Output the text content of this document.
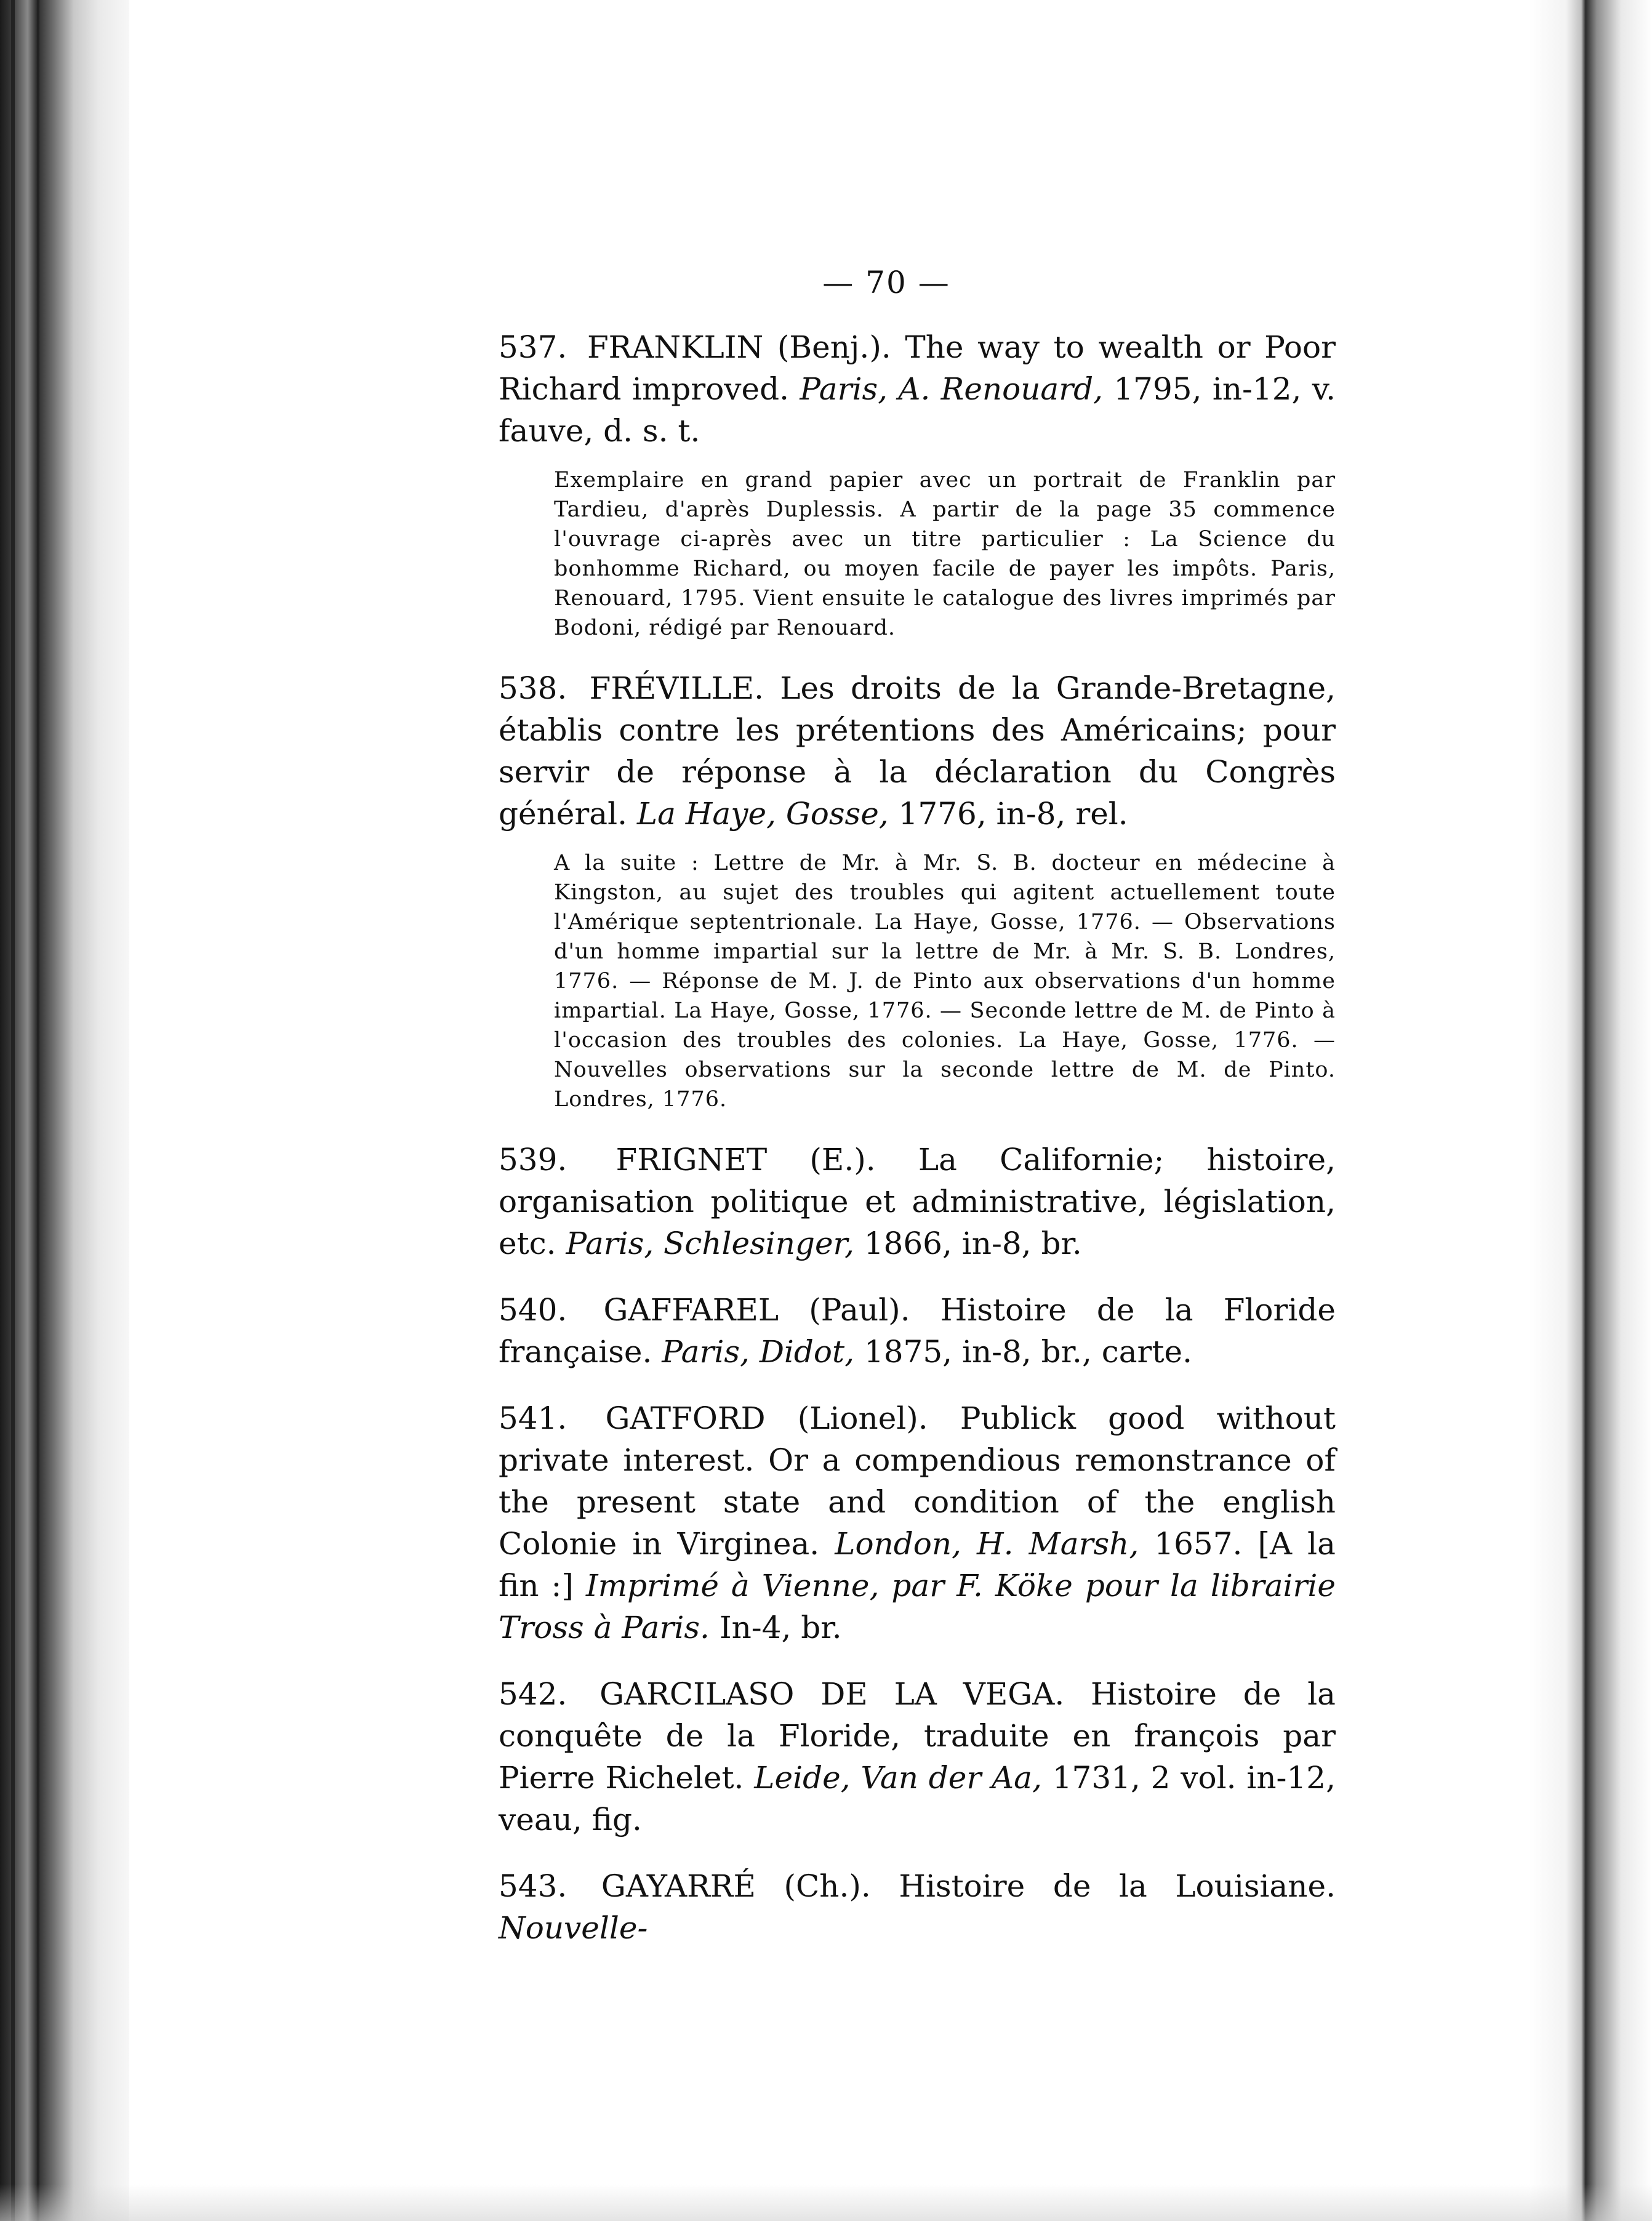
— 70 —

537. FRANKLIN (Benj.). The way to wealth or Poor Richard improved. Paris, A. Renouard, 1795, in-12, v. fauve, d. s. t.

Exemplaire en grand papier avec un portrait de Franklin par Tardieu, d'après Duplessis. A partir de la page 35 commence l'ouvrage ci-après avec un titre particulier : La Science du bonhomme Richard, ou moyen facile de payer les impôts. Paris, Renouard, 1795. Vient ensuite le catalogue des livres imprimés par Bodoni, rédigé par Renouard.

538. FRÉVILLE. Les droits de la Grande-Bretagne, établis contre les prétentions des Américains; pour servir de réponse à la déclaration du Congrès général. La Haye, Gosse, 1776, in-8, rel.

A la suite : Lettre de Mr. à Mr. S. B. docteur en médecine à Kingston, au sujet des troubles qui agitent actuellement toute l'Amérique septentrionale. La Haye, Gosse, 1776. — Observations d'un homme impartial sur la lettre de Mr. à Mr. S. B. Londres, 1776. — Réponse de M. J. de Pinto aux observations d'un homme impartial. La Haye, Gosse, 1776. — Seconde lettre de M. de Pinto à l'occasion des troubles des colonies. La Haye, Gosse, 1776. — Nouvelles observations sur la seconde lettre de M. de Pinto. Londres, 1776.

539. FRIGNET (E.). La Californie; histoire, organisation politique et administrative, législation, etc. Paris, Schlesinger, 1866, in-8, br.

540. GAFFAREL (Paul). Histoire de la Floride française. Paris, Didot, 1875, in-8, br., carte.

541. GATFORD (Lionel). Publick good without private interest. Or a compendious remonstrance of the present state and condition of the english Colonie in Virginea. London, H. Marsh, 1657. [A la fin :] Imprimé à Vienne, par F. Köke pour la librairie Tross à Paris. In-4, br.

542. GARCILASO DE LA VEGA. Histoire de la conquête de la Floride, traduite en françois par Pierre Richelet. Leide, Van der Aa, 1731, 2 vol. in-12, veau, fig.

543. GAYARRÉ (Ch.). Histoire de la Louisiane. Nouvelle-
